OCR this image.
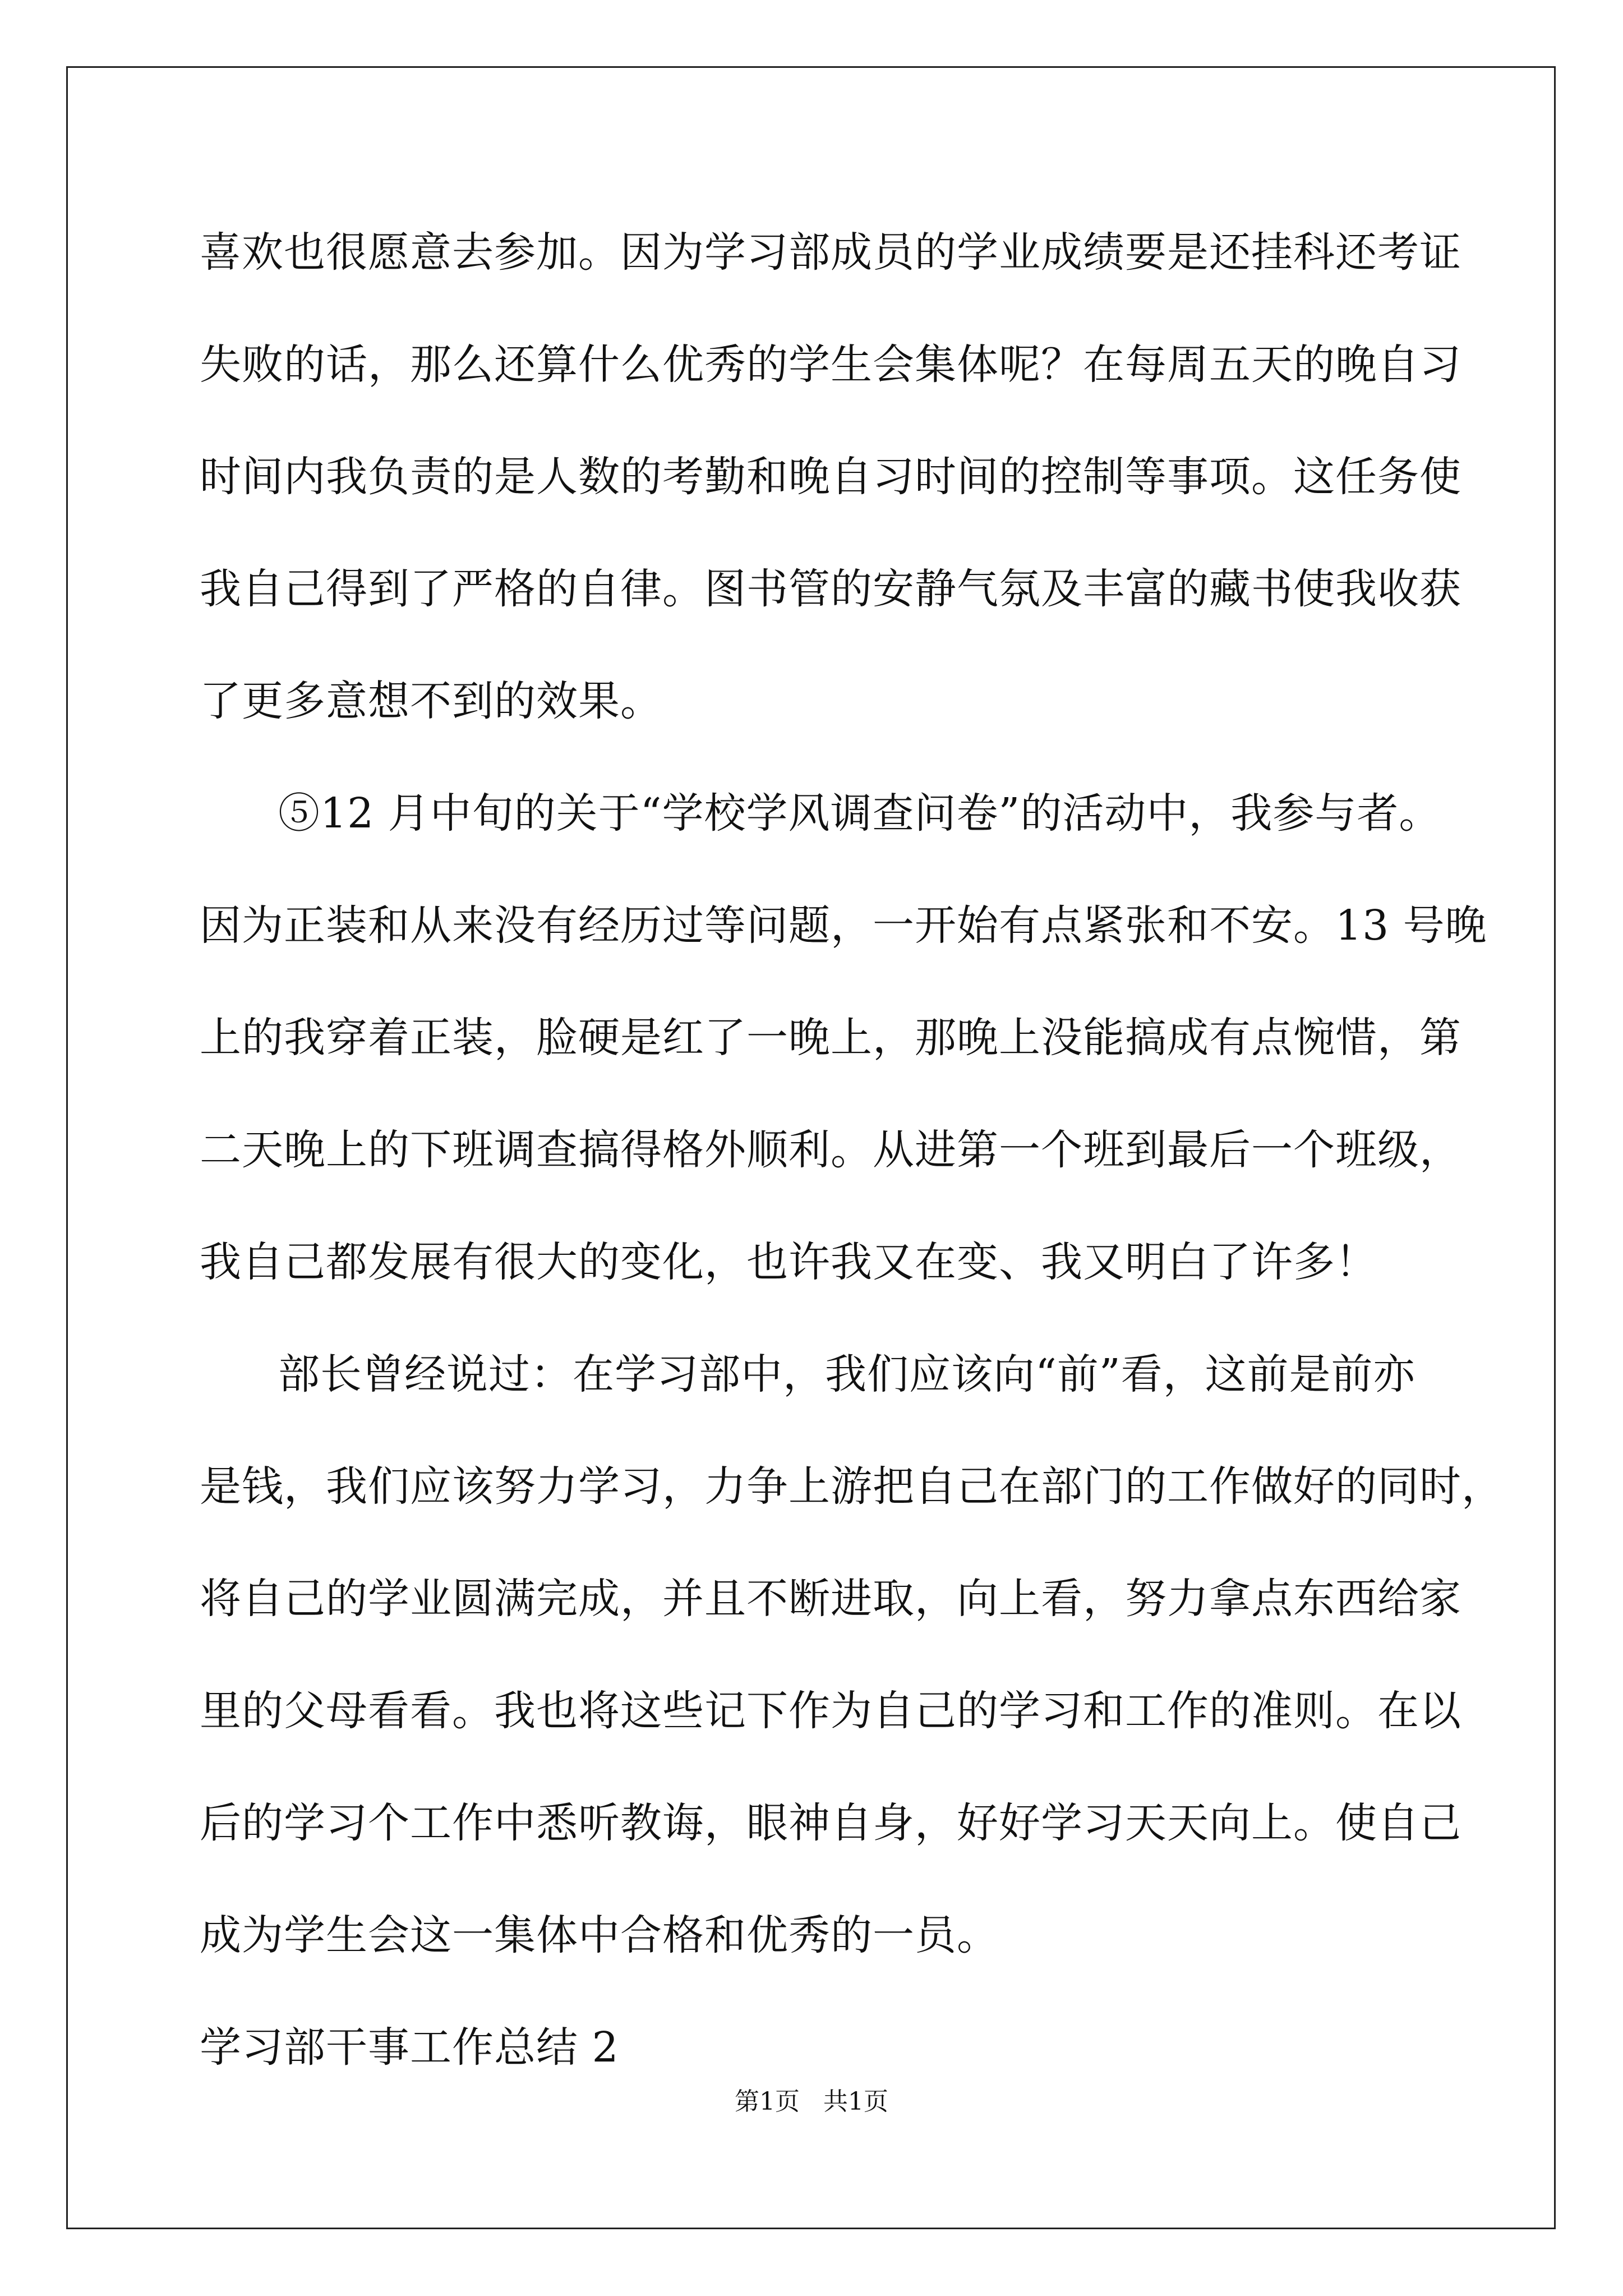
喜欢也很愿意去参加。因为学习部成员的学业成绩要是还挂科还考证
失败的话，那么还算什么优秀的学生会集体呢？在每周五天的晚自习
时间内我负责的是人数的考勤和晚自习时间的控制等事项。这任务使
我自己得到了严格的自律。图书管的安静气氛及丰富的藏书使我收获
了更多意想不到的效果。
⑤12 月中旬的关于“学校学风调查问卷”的活动中，我参与者。
因为正装和从来没有经历过等问题，一开始有点紧张和不安。13 号晚
上的我穿着正装，脸硬是红了一晚上，那晚上没能搞成有点惋惜，第
二天晚上的下班调查搞得格外顺利。从进第一个班到最后一个班级，
我自己都发展有很大的变化，也许我又在变、我又明白了许多！
部长曾经说过：在学习部中，我们应该向“前”看，这前是前亦
是钱，我们应该努力学习，力争上游把自己在部门的工作做好的同时，
将自己的学业圆满完成，并且不断进取，向上看，努力拿点东西给家
里的父母看看。我也将这些记下作为自己的学习和工作的准则。在以
后的学习个工作中悉听教诲，眼神自身，好好学习天天向上。使自己
成为学生会这一集体中合格和优秀的一员。
学习部干事工作总结 2
第1页 共1页
